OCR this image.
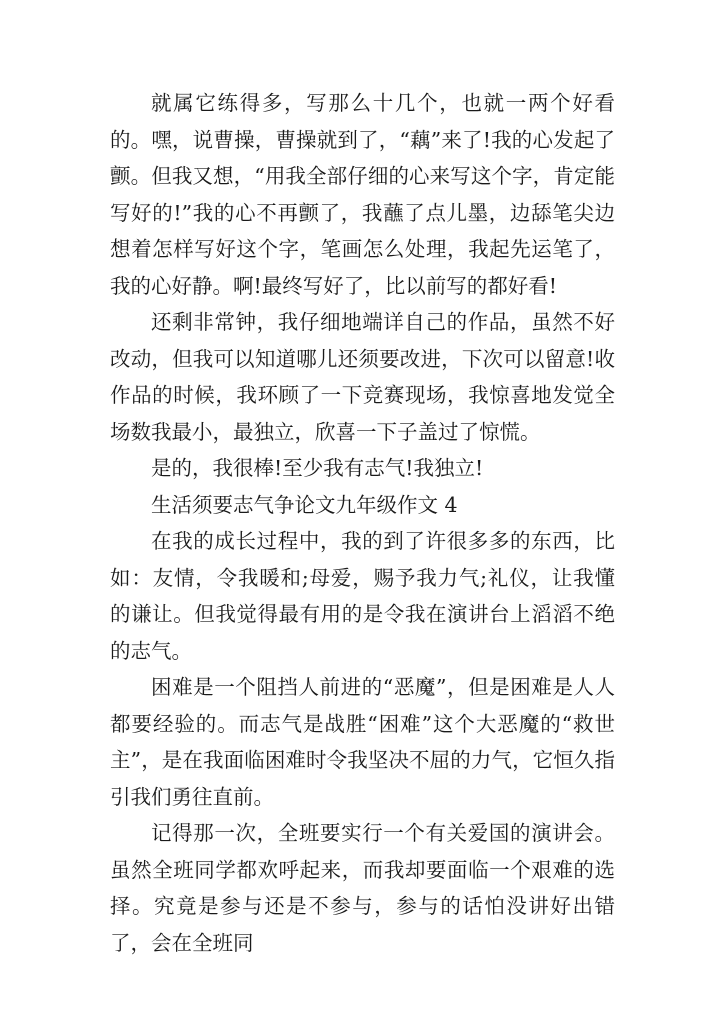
就属它练得多，写那么十几个，也就一两个好看的。嘿，说曹操，曹操就到了，“藕”来了!我的心发起了颤。但我又想，“用我全部仔细的心来写这个字，肯定能写好的!”我的心不再颤了，我蘸了点儿墨，边舔笔尖边想着怎样写好这个字，笔画怎么处理，我起先运笔了，我的心好静。啊!最终写好了，比以前写的都好看!

还剩非常钟，我仔细地端详自己的作品，虽然不好改动，但我可以知道哪儿还须要改进，下次可以留意!收作品的时候，我环顾了一下竞赛现场，我惊喜地发觉全场数我最小，最独立，欣喜一下子盖过了惊慌。

是的，我很棒!至少我有志气!我独立!

生活须要志气争论文九年级作文 4

在我的成长过程中，我的到了许很多多的东西，比如：友情，令我暖和;母爱，赐予我力气;礼仪，让我懂的谦让。但我觉得最有用的是令我在演讲台上滔滔不绝的志气。

困难是一个阻挡人前进的“恶魔”，但是困难是人人都要经验的。而志气是战胜“困难”这个大恶魔的“救世主”，是在我面临困难时令我坚决不屈的力气，它恒久指引我们勇往直前。

记得那一次，全班要实行一个有关爱国的演讲会。虽然全班同学都欢呼起来，而我却要面临一个艰难的选择。究竟是参与还是不参与，参与的话怕没讲好出错了，会在全班同
